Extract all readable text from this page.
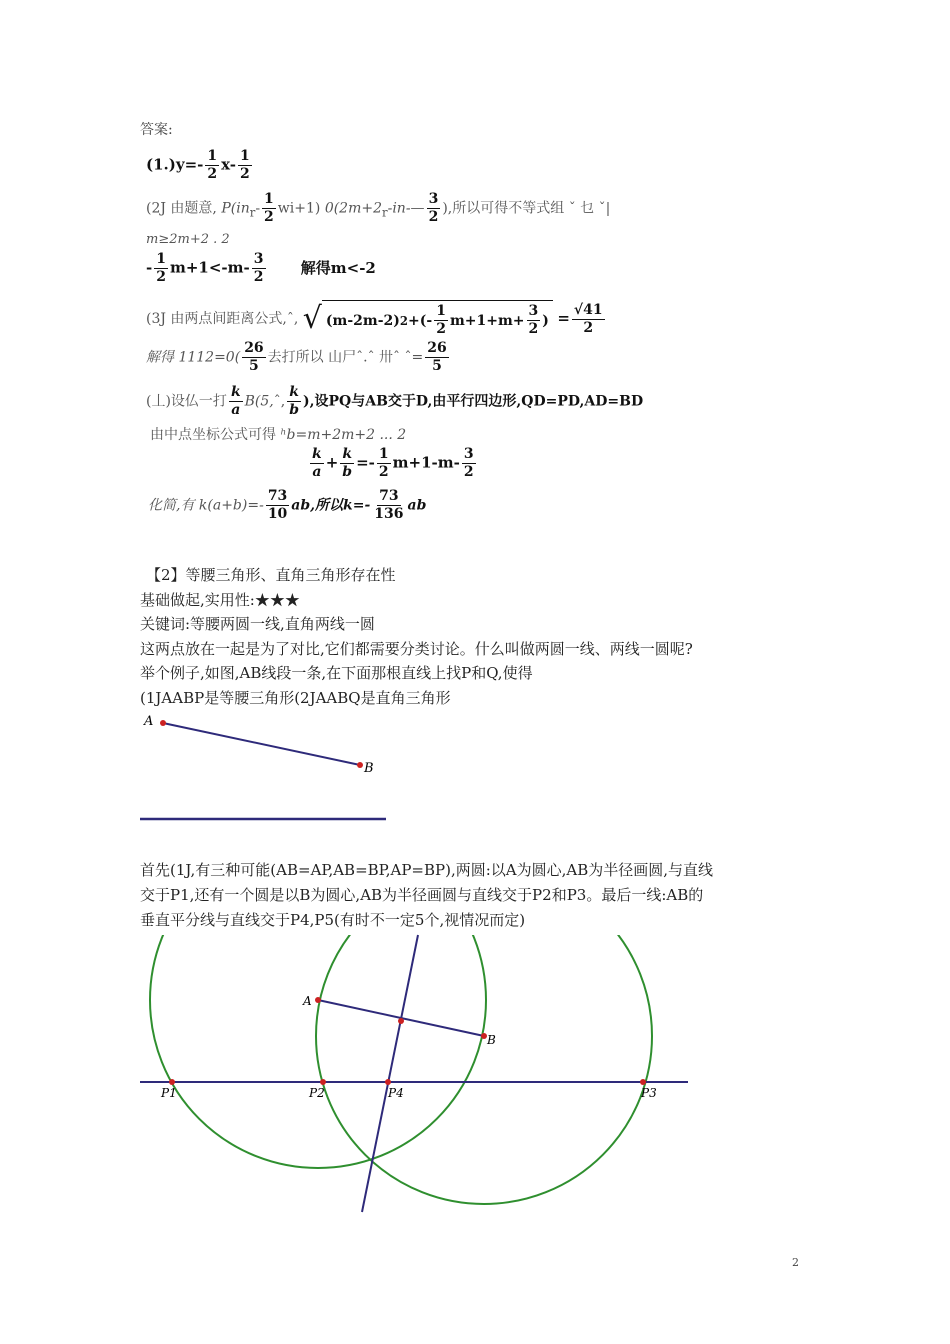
答案:
$(1.)y=- \frac{1}{2} x- \frac{1}{2}$
(2J 由题意, $P(in_r- \frac{1}{2} wi+1)$ $0(2m+2_r-in-— \frac{3}{2}$ ),所以可得不等式组 ˇ 乜 ˇ|
m≥2m+2 . 2
- $\frac{1}{2} m+1<-m- \frac{3}{2}$ 解得m<-2
(3J 由两点间距离公式,ˆ, √ (m-2m-2) 2 +(- $\frac{1}{2} m+1+m+ \frac{3}{2}$ ) = $\frac{√41}{2}$
解得 $1112=0( \frac{26}{5}$ 去打所以 山尸ˆ.ˆ 卅ˆ ˆ= $\frac{26}{5}$
(丄)设仏一打 $\frac{k}{a}$ B(5,ˆ, $\frac{k}{b}$ ),设PQ与AB交于D,由平行四边形,QD=PD,AD=BD
由中点坐标公式可得 ʰb=m+2m+2 ... 2
$\frac{k}{a} + \frac{k}{b} =- \frac{1}{2} m+1-m- \frac{3}{2}$
化简,有 $k(a+b)=- \frac{73}{10}$ ab,所以$k=- \frac{73}{136}$ ab
【2】等腰三角形、直角三角形存在性
基础做起,实用性:★★★
关键词:等腰两圆一线,直角两线一圆
这两点放在一起是为了对比,它们都需要分类讨论。什么叫做两圆一线、两线一圆呢?
举个例子,如图,AB线段一条,在下面那根直线上找P和Q,使得
(1JAABP是等腰三角形(2JAABQ是直角三角形
A
B
首先(1J,有三种可能(AB=AP,AB=BP,AP=BP),两圆:以A为圆心,AB为半径画圆,与直线
交于P1,还有一个圆是以B为圆心,AB为半径画圆与直线交于P2和P3。最后一线:AB的
垂直平分线与直线交于P4,P5(有时不一定5个,视情况而定)
A
B
P1	P2	P4	P3
2
